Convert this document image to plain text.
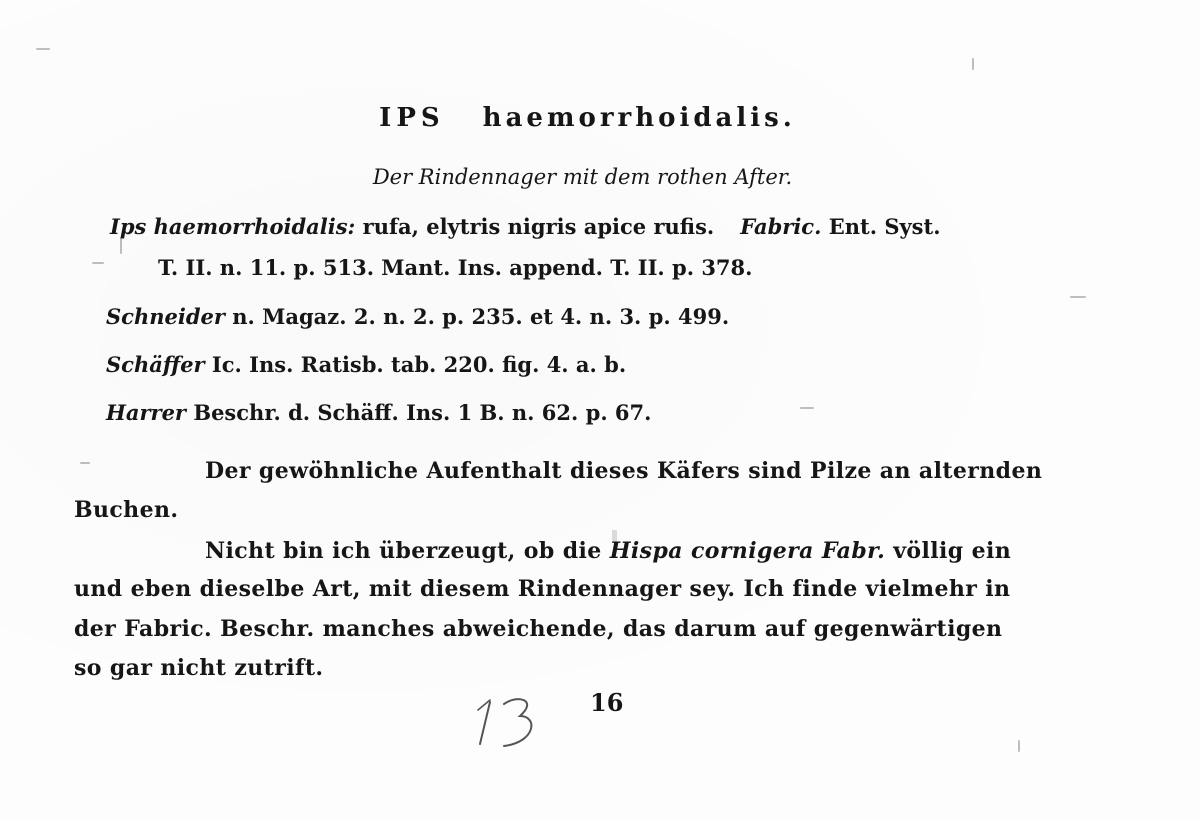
IPS haemorrhoidalis.
Der Rindennager mit dem rothen After.
Ips haemorrhoidalis: rufa, elytris nigris apice rufis. Fabric. Ent. Syst.
T. II. n. 11. p. 513. Mant. Ins. append. T. II. p. 378.
Schneider n. Magaz. 2. n. 2. p. 235. et 4. n. 3. p. 499.
Schäffer Ic. Ins. Ratisb. tab. 220. fig. 4. a. b.
Harrer Beschr. d. Schäff. Ins. 1 B. n. 62. p. 67.
Der gewöhnliche Aufenthalt dieses Käfers sind Pilze an alternden
Buchen.
Nicht bin ich überzeugt, ob die Hispa cornigera Fabr. völlig ein
und eben dieselbe Art, mit diesem Rindennager sey. Ich finde vielmehr in
der Fabric. Beschr. manches abweichende, das darum auf gegenwärtigen
so gar nicht zutrift.
16
